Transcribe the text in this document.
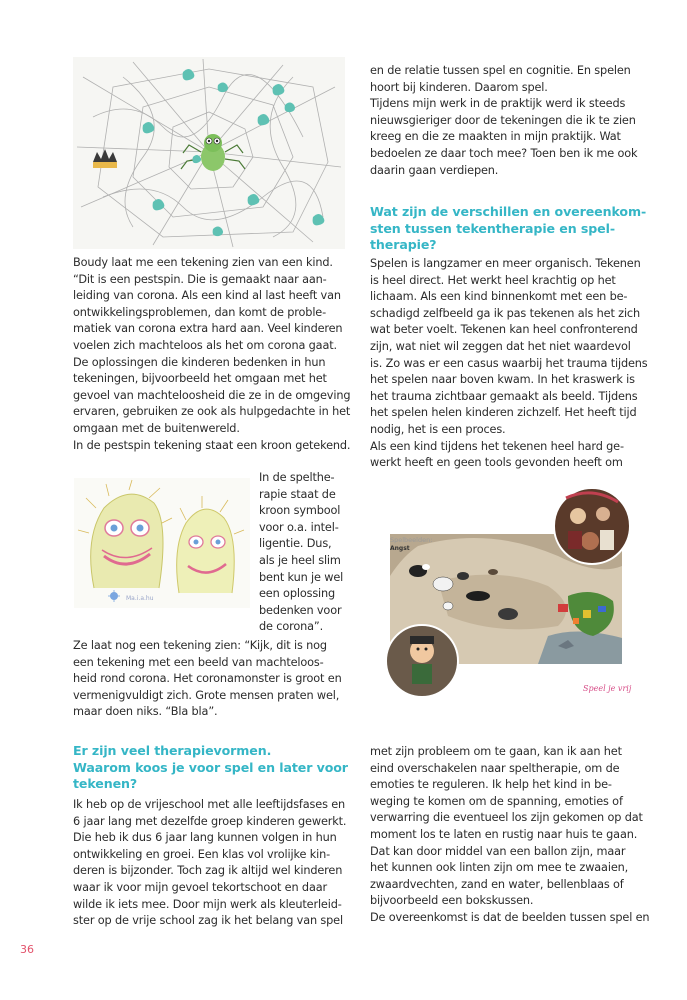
Ma.i.a.hu
Spelbeelden:
Angst
Speel je vrij

Boudy laat me een tekening zien van een kind.
“Dit is een pestspin. Die is gemaakt naar aan-
leiding van corona. Als een kind al last heeft van
ontwikkelingsproblemen, dan komt de proble-
matiek van corona extra hard aan. Veel kinderen
voelen zich machteloos als het om corona gaat.
De oplossingen die kinderen bedenken in hun
tekeningen, bijvoorbeeld het omgaan met het
gevoel van machteloosheid die ze in de omgeving
ervaren, gebruiken ze ook als hulpgedachte in het
omgaan met de buitenwereld.
In de pestspin tekening staat een kroon getekend.

In de spelthe-
rapie staat de
kroon symbool
voor o.a. intel-
ligentie. Dus,
als je heel slim
bent kun je wel
een oplossing
bedenken voor
de corona”.

Ze laat nog een tekening zien: “Kijk, dit is nog
een tekening met een beeld van machteloos-
heid rond corona. Het coronamonster is groot en
vermenigvuldigt zich. Grote mensen praten wel,
maar doen niks. “Bla bla”.

Er zijn veel therapievormen.
Waarom koos je voor spel en later voor
tekenen?

Ik heb op de vrijeschool met alle leeftijdsfases en
6 jaar lang met dezelfde groep kinderen gewerkt.
Die heb ik dus 6 jaar lang kunnen volgen in hun
ontwikkeling en groei. Een klas vol vrolijke kin-
deren is bijzonder. Toch zag ik altijd wel kinderen
waar ik voor mijn gevoel tekortschoot en daar
wilde ik iets mee. Door mijn werk als kleuterleid-
ster op de vrije school zag ik het belang van spel

en de relatie tussen spel en cognitie. En spelen
hoort bij kinderen. Daarom spel.
Tijdens mijn werk in de praktijk werd ik steeds
nieuwsgieriger door de tekeningen die ik te zien
kreeg en die ze maakten in mijn praktijk. Wat
bedoelen ze daar toch mee? Toen ben ik me ook
daarin gaan verdiepen.

Wat zijn de verschillen en overeenkom-
sten tussen tekentherapie en spel-
therapie?

Spelen is langzamer en meer organisch. Tekenen
is heel direct. Het werkt heel krachtig op het
lichaam. Als een kind binnenkomt met een be-
schadigd zelfbeeld ga ik pas tekenen als het zich
wat beter voelt. Tekenen kan heel confronterend
zijn, wat niet wil zeggen dat het niet waardevol
is. Zo was er een casus waarbij het trauma tijdens
het spelen naar boven kwam. In het kraswerk is
het trauma zichtbaar gemaakt als beeld. Tijdens
het spelen helen kinderen zichzelf. Het heeft tijd
nodig, het is een proces.
Als een kind tijdens het tekenen heel hard ge-
werkt heeft en geen tools gevonden heeft om

met zijn probleem om te gaan, kan ik aan het
eind overschakelen naar speltherapie, om de
emoties te reguleren. Ik help het kind in be-
weging te komen om de spanning, emoties of
verwarring die eventueel los zijn gekomen op dat
moment los te laten en rustig naar huis te gaan.
Dat kan door middel van een ballon zijn, maar
het kunnen ook linten zijn om mee te zwaaien,
zwaardvechten, zand en water, bellenblaas of
bijvoorbeeld een bokskussen.
De overeenkomst is dat de beelden tussen spel en

36
